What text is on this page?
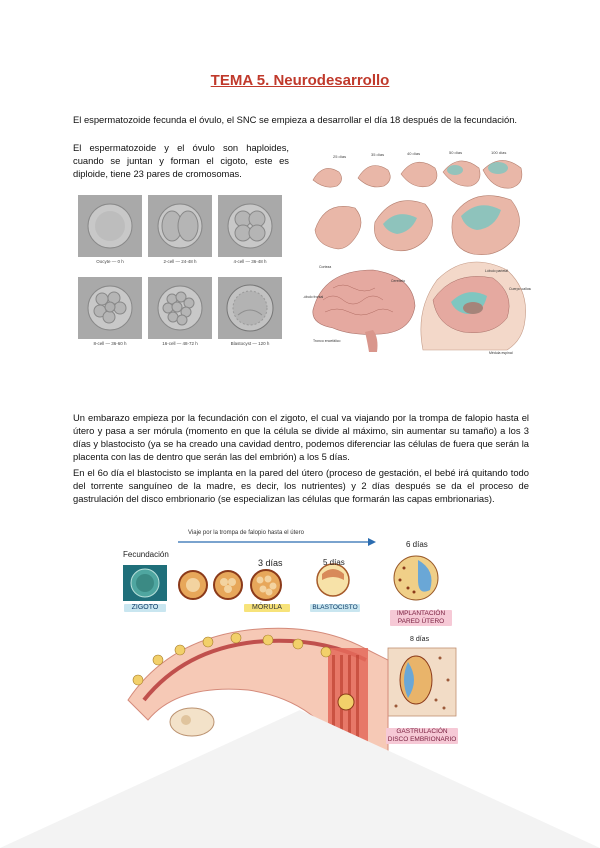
TEMA 5. Neurodesarrollo

El espermatozoide fecunda el óvulo, el SNC se empieza a desarrollar el día 18 después de la fecundación.

El espermatozoide y el óvulo son haploides, cuando se juntan y forman el cigoto, este es diploide, tiene 23 pares de cromosomas.

Oocyte — 0 h	2-cell — 24-48 h	4-cell — 36-48 h
8-cell — 36-60 h	16-cell — 48-72 h	Blastocyst — 120 h
25 días	35 días	40 días	50 días	100 días
Corteza
Lóbulo frontal
Tronco encefálico
Cerebelo
Lóbulo parietal
Cuerpo calloso
Médula espinal

Un embarazo empieza por la fecundación con el zigoto, el cual va viajando por la trompa de falopio hasta el útero y pasa a ser mórula (momento en que la célula se divide al máximo, sin aumentar su tamaño) a los 3 días y blastocisto (ya se ha creado una cavidad dentro, podemos diferenciar las células de fuera que serán la placenta con las de dentro que serán las del embrión) a los 5 días.

En el 6o día el blastocisto se implanta en la pared del útero (proceso de gestación, el bebé irá quitando todo del torrente sanguíneo de la madre, es decir, los nutrientes) y 2 días después se da el proceso de gastrulación del disco embrionario (se especializan las células que formarán las capas embrionarias).

Fecundación
Viaje por la trompa de falopio hasta el útero
ZIGOTO
3 días
MÓRULA
5 días
BLASTOCISTO
6 días
IMPLANTACIÓN PARED ÚTERO
8 días
GASTRULACIÓN DISCO EMBRIONARIO
